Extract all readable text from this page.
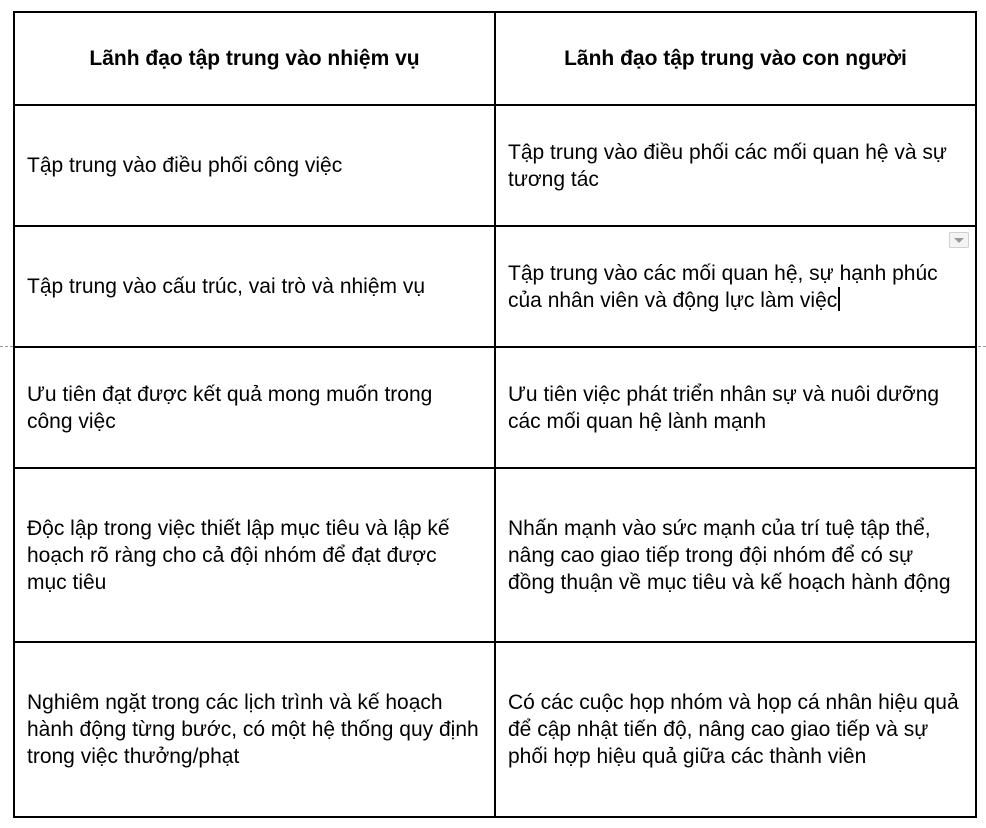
Lãnh đạo tập trung vào nhiệm vụ	Lãnh đạo tập trung vào con người

Tập trung vào điều phối công việc	Tập trung vào điều phối các mối quan hệ và sự tương tác

Tập trung vào cấu trúc, vai trò và nhiệm vụ	Tập trung vào các mối quan hệ, sự hạnh phúc của nhân viên và động lực làm việc

Ưu tiên đạt được kết quả mong muốn trong công việc	Ưu tiên việc phát triển nhân sự và nuôi dưỡng các mối quan hệ lành mạnh

Độc lập trong việc thiết lập mục tiêu và lập kế hoạch rõ ràng cho cả đội nhóm để đạt được mục tiêu	Nhấn mạnh vào sức mạnh của trí tuệ tập thể, nâng cao giao tiếp trong đội nhóm để có sự đồng thuận về mục tiêu và kế hoạch hành động

Nghiêm ngặt trong các lịch trình và kế hoạch hành động từng bước, có một hệ thống quy định trong việc thưởng/phạt	Có các cuộc họp nhóm và họp cá nhân hiệu quả để cập nhật tiến độ, nâng cao giao tiếp và sự phối hợp hiệu quả giữa các thành viên
